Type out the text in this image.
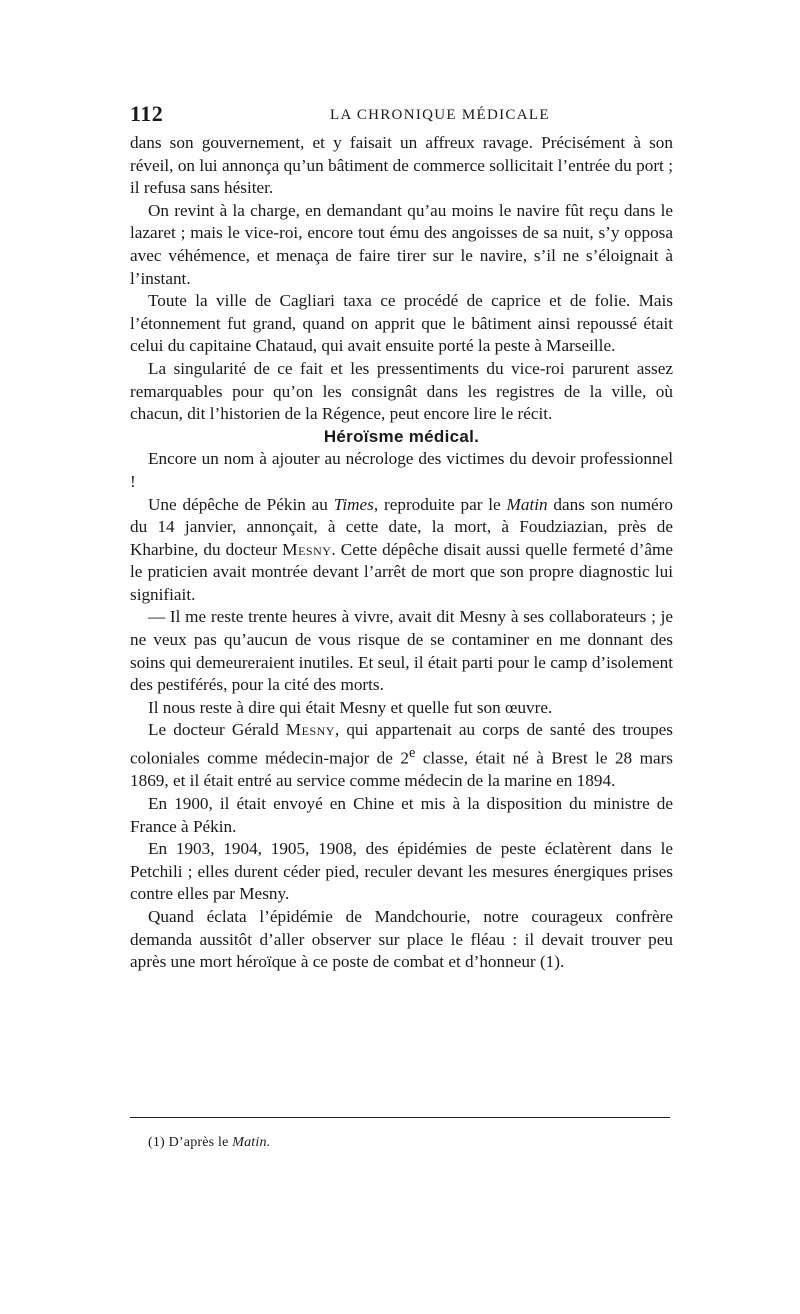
112	LA CHRONIQUE MÉDICALE

dans son gouvernement, et y faisait un affreux ravage. Précisément à son réveil, on lui annonça qu’un bâtiment de commerce sollicitait l’entrée du port ; il refusa sans hésiter.

On revint à la charge, en demandant qu’au moins le navire fût reçu dans le lazaret ; mais le vice-roi, encore tout ému des angoisses de sa nuit, s’y opposa avec véhémence, et menaça de faire tirer sur le navire, s’il ne s’éloignait à l’instant.

Toute la ville de Cagliari taxa ce procédé de caprice et de folie. Mais l’étonnement fut grand, quand on apprit que le bâtiment ainsi repoussé était celui du capitaine Chataud, qui avait ensuite porté la peste à Marseille.

La singularité de ce fait et les pressentiments du vice-roi parurent assez remarquables pour qu’on les consignât dans les registres de la ville, où chacun, dit l’historien de la Régence, peut encore lire le récit.

Héroïsme médical.

Encore un nom à ajouter au nécrologe des victimes du devoir professionnel !

Une dépêche de Pékin au Times, reproduite par le Matin dans son numéro du 14 janvier, annonçait, à cette date, la mort, à Foudziazian, près de Kharbine, du docteur Mesny. Cette dépêche disait aussi quelle fermeté d’âme le praticien avait montrée devant l’arrêt de mort que son propre diagnostic lui signifiait.

— Il me reste trente heures à vivre, avait dit Mesny à ses collaborateurs ; je ne veux pas qu’aucun de vous risque de se contaminer en me donnant des soins qui demeureraient inutiles. Et seul, il était parti pour le camp d’isolement des pestiférés, pour la cité des morts.

Il nous reste à dire qui était Mesny et quelle fut son œuvre.

Le docteur Gérald Mesny, qui appartenait au corps de santé des troupes coloniales comme médecin-major de 2e classe, était né à Brest le 28 mars 1869, et il était entré au service comme médecin de la marine en 1894.

En 1900, il était envoyé en Chine et mis à la disposition du ministre de France à Pékin.

En 1903, 1904, 1905, 1908, des épidémies de peste éclatèrent dans le Petchili ; elles durent céder pied, reculer devant les mesures énergiques prises contre elles par Mesny.

Quand éclata l’épidémie de Mandchourie, notre courageux confrère demanda aussitôt d’aller observer sur place le fléau : il devait trouver peu après une mort héroïque à ce poste de combat et d’honneur (1).

(1) D’après le Matin.
